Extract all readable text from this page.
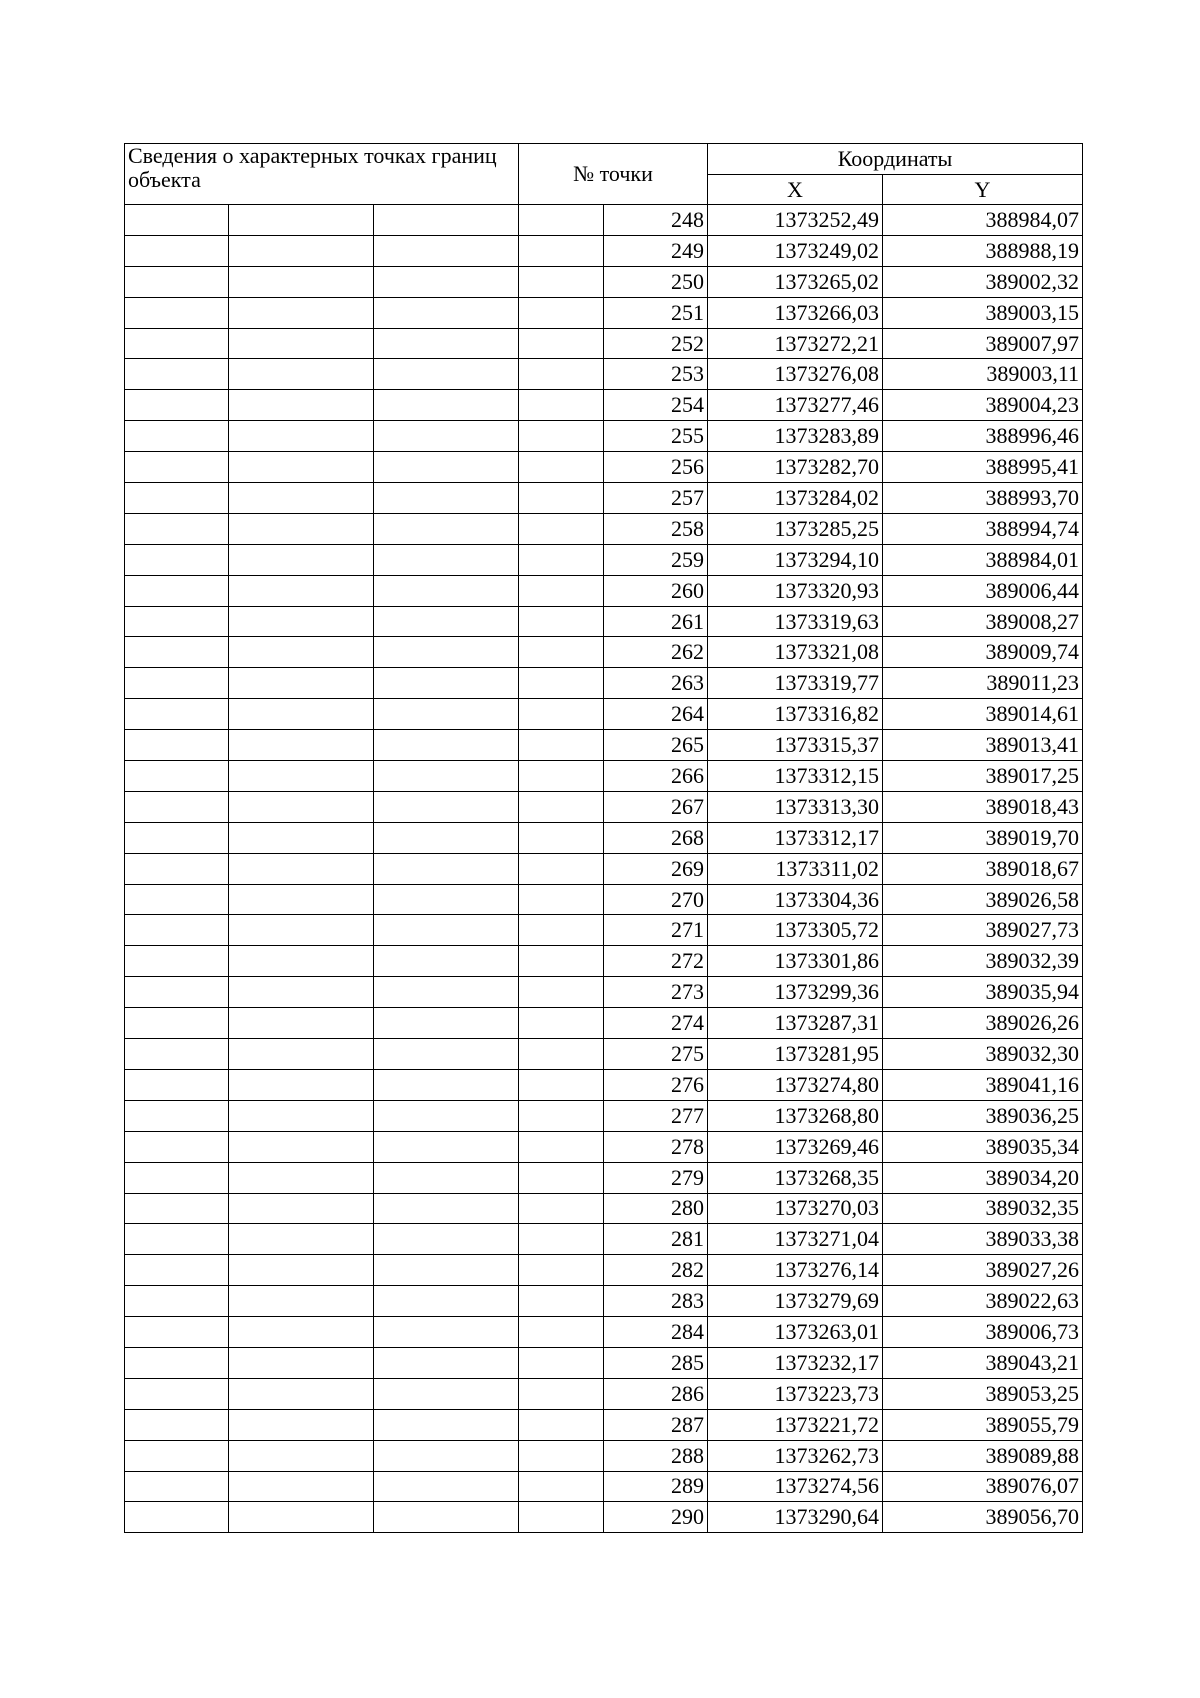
Сведения о характерных точках границ объекта			№ точки		Координаты	
					X	Y
				248	1373252,49	388984,07
				249	1373249,02	388988,19
				250	1373265,02	389002,32
				251	1373266,03	389003,15
				252	1373272,21	389007,97
				253	1373276,08	389003,11
				254	1373277,46	389004,23
				255	1373283,89	388996,46
				256	1373282,70	388995,41
				257	1373284,02	388993,70
				258	1373285,25	388994,74
				259	1373294,10	388984,01
				260	1373320,93	389006,44
				261	1373319,63	389008,27
				262	1373321,08	389009,74
				263	1373319,77	389011,23
				264	1373316,82	389014,61
				265	1373315,37	389013,41
				266	1373312,15	389017,25
				267	1373313,30	389018,43
				268	1373312,17	389019,70
				269	1373311,02	389018,67
				270	1373304,36	389026,58
				271	1373305,72	389027,73
				272	1373301,86	389032,39
				273	1373299,36	389035,94
				274	1373287,31	389026,26
				275	1373281,95	389032,30
				276	1373274,80	389041,16
				277	1373268,80	389036,25
				278	1373269,46	389035,34
				279	1373268,35	389034,20
				280	1373270,03	389032,35
				281	1373271,04	389033,38
				282	1373276,14	389027,26
				283	1373279,69	389022,63
				284	1373263,01	389006,73
				285	1373232,17	389043,21
				286	1373223,73	389053,25
				287	1373221,72	389055,79
				288	1373262,73	389089,88
				289	1373274,56	389076,07
				290	1373290,64	389056,70
